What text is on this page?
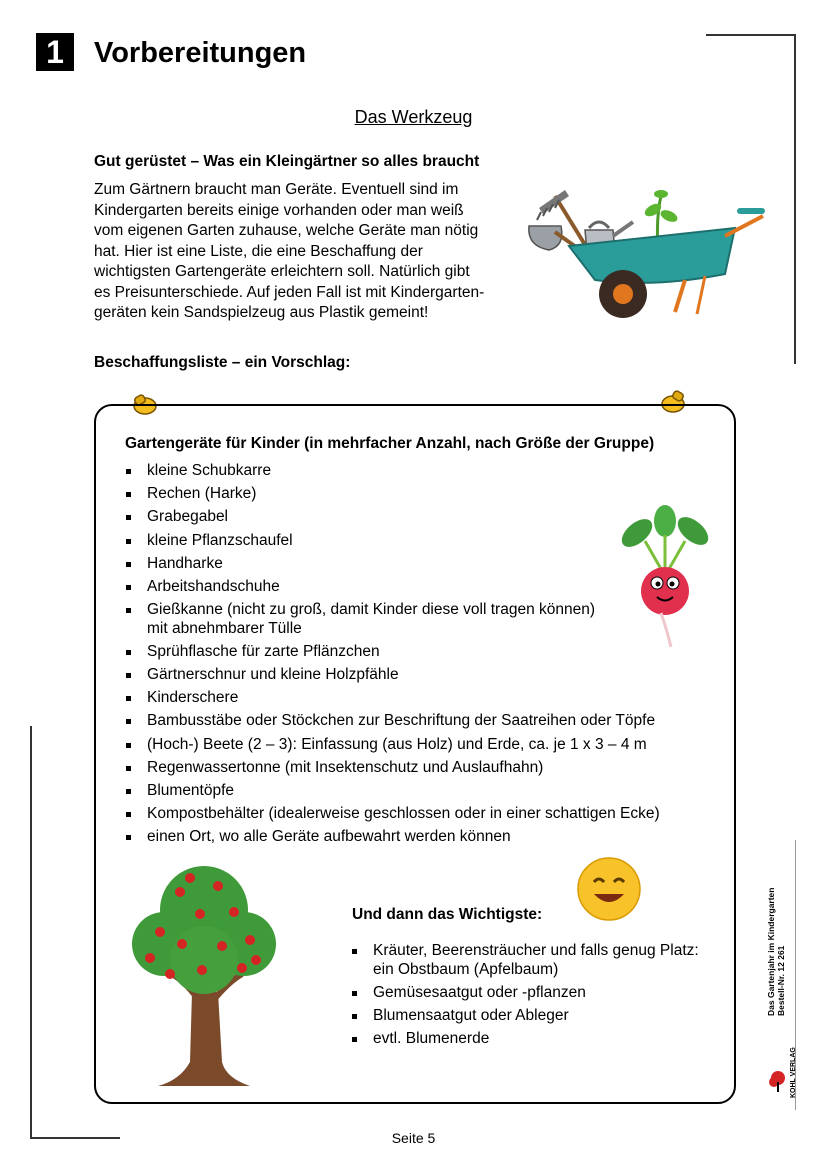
1	Vorbereitungen
Das Werkzeug
Gut gerüstet – Was ein Kleingärtner so alles braucht
Zum Gärtnern braucht man Geräte. Eventuell sind im
Kindergarten bereits einige vorhanden oder man weiß
vom eigenen Garten zuhause, welche Geräte man nötig
hat. Hier ist eine Liste, die eine Beschaffung der
wichtigsten Gartengeräte erleichtern soll. Natürlich gibt
es Preisunterschiede. Auf jeden Fall ist mit Kindergarten-
geräten kein Sandspielzeug aus Plastik gemeint!
Beschaffungsliste – ein Vorschlag:
Gartengeräte für Kinder (in mehrfacher Anzahl, nach Größe der Gruppe)
kleine Schubkarre
Rechen (Harke)
Grabegabel
kleine Pflanzschaufel
Handharke
Arbeitshandschuhe
Gießkanne (nicht zu groß, damit Kinder diese voll tragen können)
mit abnehmbarer Tülle
Sprühflasche für zarte Pflänzchen
Gärtnerschnur und kleine Holzpfähle
Kinderschere
Bambusstäbe oder Stöckchen zur Beschriftung der Saatreihen oder Töpfe
(Hoch-) Beete (2 – 3): Einfassung (aus Holz) und Erde, ca. je 1 x 3 – 4 m
Regenwassertonne (mit Insektenschutz und Auslaufhahn)
Blumentöpfe
Kompostbehälter (idealerweise geschlossen oder in einer schattigen Ecke)
einen Ort, wo alle Geräte aufbewahrt werden können
Und dann das Wichtigste:
Kräuter, Beerensträucher und falls genug Platz:
ein Obstbaum (Apfelbaum)
Gemüsesaatgut oder -pflanzen
Blumensaatgut oder Ableger
evtl. Blumenerde
Das Gartenjahr im Kindergarten Bestell-Nr. 12 261
KOHL VERLAG
Seite 5
